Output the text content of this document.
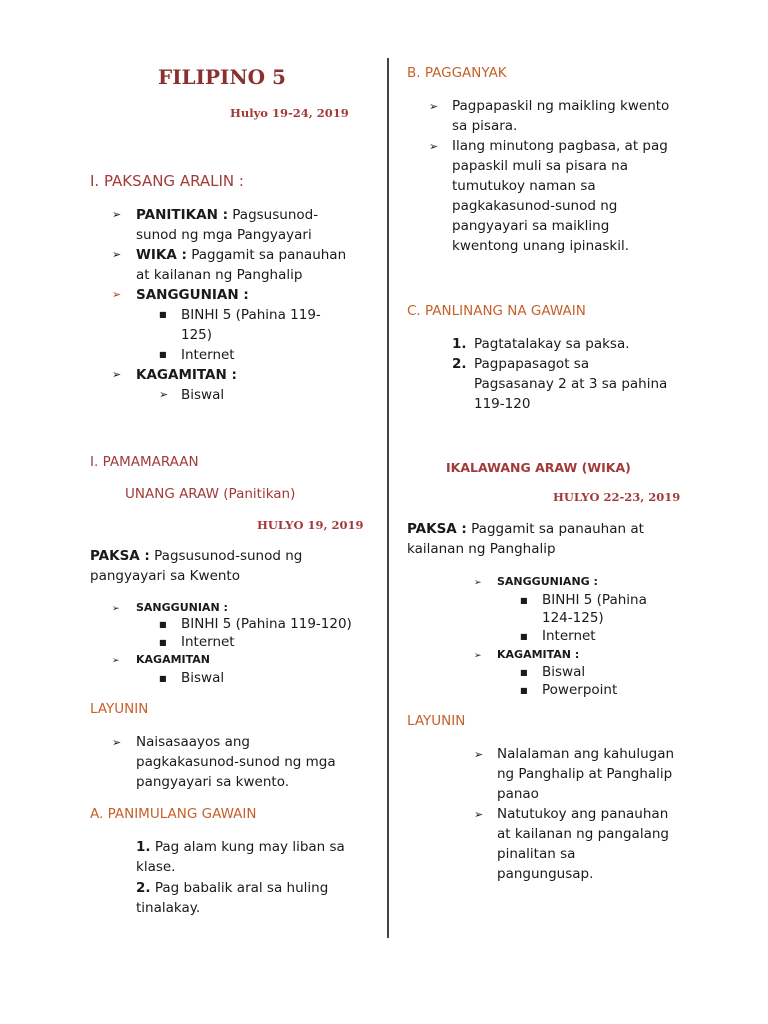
FILIPINO 5
Hulyo 19-24, 2019
I. PAKSANG ARALIN :
➢ PANITIKAN : Pagsusunod-
sunod ng mga Pangyayari
➢ WIKA : Paggamit sa panauhan
at kailanan ng Panghalip
➢ SANGGUNIAN :
■ BINHI 5 (Pahina 119-
125)
■ Internet
➢ KAGAMITAN :
➢ Biswal
I. PAMAMARAAN
UNANG ARAW (Panitikan)
HULYO 19, 2019
PAKSA : Pagsusunod-sunod ng
pangyayari sa Kwento
➢ SANGGUNIAN :
■ BINHI 5 (Pahina 119-120)
■ Internet
➢ KAGAMITAN
■ Biswal
LAYUNIN
➢ Naisasaayos ang
pagkakasunod-sunod ng mga
pangyayari sa kwento.
A. PANIMULANG GAWAIN
1. Pag alam kung may liban sa
klase.
2. Pag babalik aral sa huling
tinalakay.
B. PAGGANYAK
➢ Pagpapaskil ng maikling kwento
sa pisara.
➢ Ilang minutong pagbasa, at pag
papaskil muli sa pisara na
tumutukoy naman sa
pagkakasunod-sunod ng
pangyayari sa maikling
kwentong unang ipinaskil.
C. PANLINANG NA GAWAIN
1. Pagtatalakay sa paksa.
2. Pagpapasagot sa
Pagsasanay 2 at 3 sa pahina
119-120
IKALAWANG ARAW (WIKA)
HULYO 22-23, 2019
PAKSA : Paggamit sa panauhan at
kailanan ng Panghalip
➢ SANGGUNIANG :
■ BINHI 5 (Pahina
124-125)
■ Internet
➢ KAGAMITAN :
■ Biswal
■ Powerpoint
LAYUNIN
➢ Nalalaman ang kahulugan
ng Panghalip at Panghalip
panao
➢ Natutukoy ang panauhan
at kailanan ng pangalang
pinalitan sa
pangungusap.
